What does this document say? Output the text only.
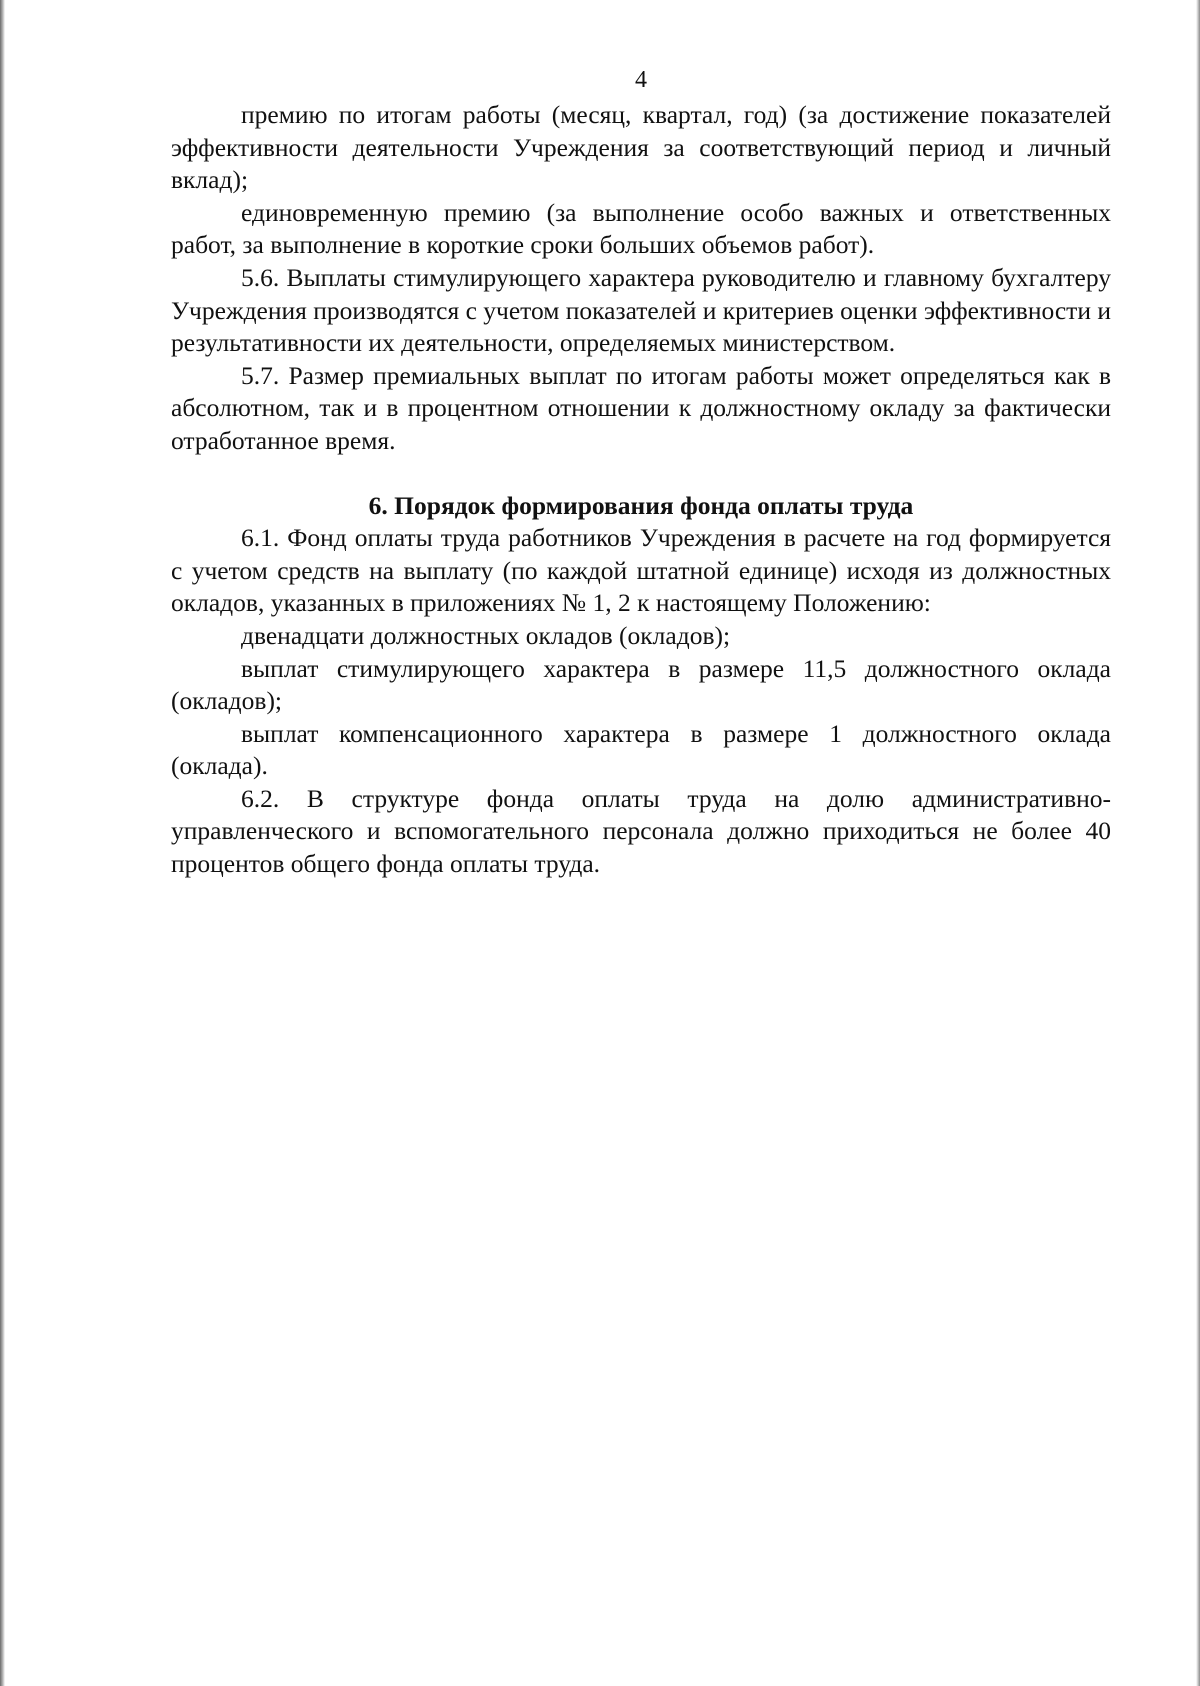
4

премию по итогам работы (месяц, квартал, год) (за достижение показателей эффективности деятельности Учреждения за соответствующий период и личный вклад);

единовременную премию (за выполнение особо важных и ответственных работ, за выполнение в короткие сроки больших объемов работ).

5.6. Выплаты стимулирующего характера руководителю и главному бухгалтеру Учреждения производятся с учетом показателей и критериев оценки эффективности и результативности их деятельности, определяемых министерством.

5.7. Размер премиальных выплат по итогам работы может определяться как в абсолютном, так и в процентном отношении к должностному окладу за фактически отработанное время.

6. Порядок формирования фонда оплаты труда

6.1. Фонд оплаты труда работников Учреждения в расчете на год формируется с учетом средств на выплату (по каждой штатной единице) исходя из должностных окладов, указанных в приложениях № 1, 2 к настоящему Положению:

двенадцати должностных окладов (окладов);

выплат стимулирующего характера в размере 11,5 должностного оклада (окладов);

выплат компенсационного характера в размере 1 должностного оклада (оклада).

6.2. В структуре фонда оплаты труда на долю административно-управленческого и вспомогательного персонала должно приходиться не более 40 процентов общего фонда оплаты труда.
